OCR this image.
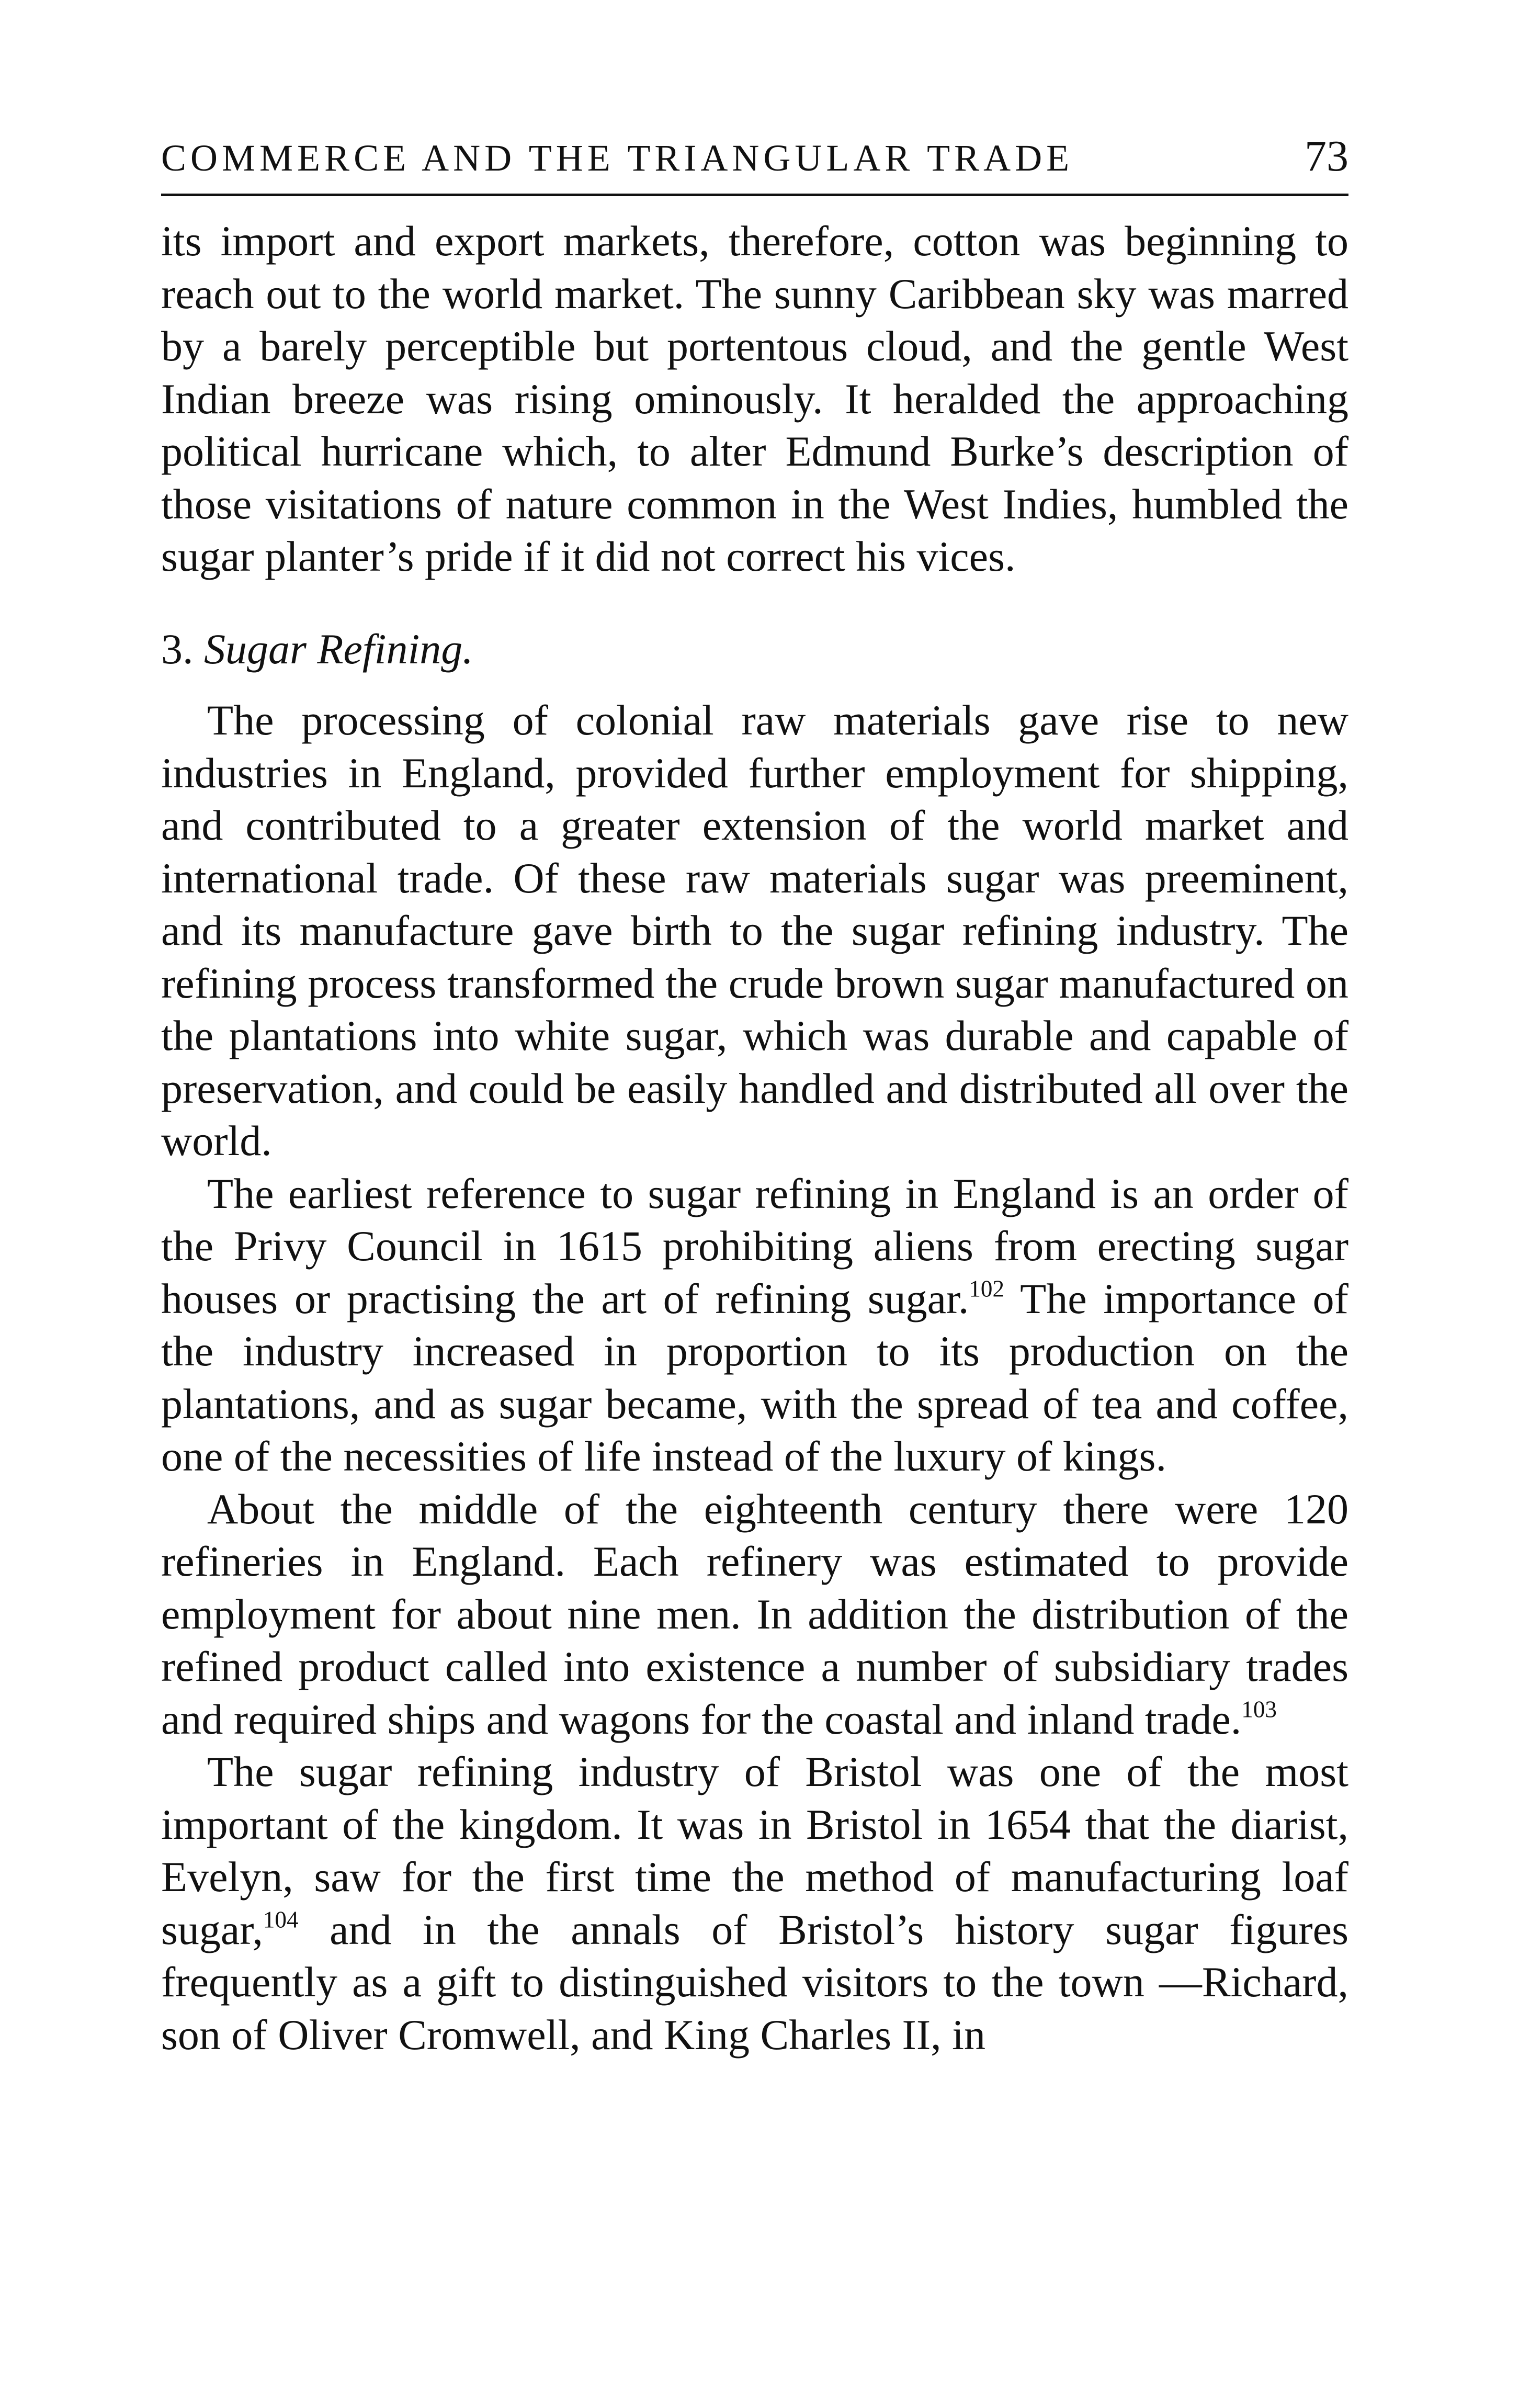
COMMERCE AND THE TRIANGULAR TRADE	73

its import and export markets, therefore, cotton was beginning to reach out to the world market. The sunny Caribbean sky was marred by a barely perceptible but portentous cloud, and the gentle West Indian breeze was rising ominously. It heralded the approaching political hurricane which, to alter Edmund Burke’s description of those visitations of nature common in the West Indies, humbled the sugar planter’s pride if it did not correct his vices.

3. Sugar Refining.

The processing of colonial raw materials gave rise to new industries in England, provided further employment for shipping, and contributed to a greater extension of the world market and international trade. Of these raw materials sugar was preeminent, and its manufacture gave birth to the sugar refining industry. The refining process transformed the crude brown sugar manufactured on the plantations into white sugar, which was durable and capable of preservation, and could be easily handled and distributed all over the world.

The earliest reference to sugar refining in England is an order of the Privy Council in 1615 prohibiting aliens from erecting sugar houses or practising the art of refining sugar.$^{102}$ The importance of the industry increased in proportion to its production on the plantations, and as sugar became, with the spread of tea and coffee, one of the necessities of life instead of the luxury of kings.

About the middle of the eighteenth century there were 120 refineries in England. Each refinery was estimated to provide employment for about nine men. In addition the distribution of the refined product called into existence a number of subsidiary trades and required ships and wagons for the coastal and inland trade.$^{103}$

The sugar refining industry of Bristol was one of the most important of the kingdom. It was in Bristol in 1654 that the diarist, Evelyn, saw for the first time the method of manufacturing loaf sugar,$^{104}$ and in the annals of Bristol’s history sugar figures frequently as a gift to distinguished visitors to the town —Richard, son of Oliver Cromwell, and King Charles II, in
